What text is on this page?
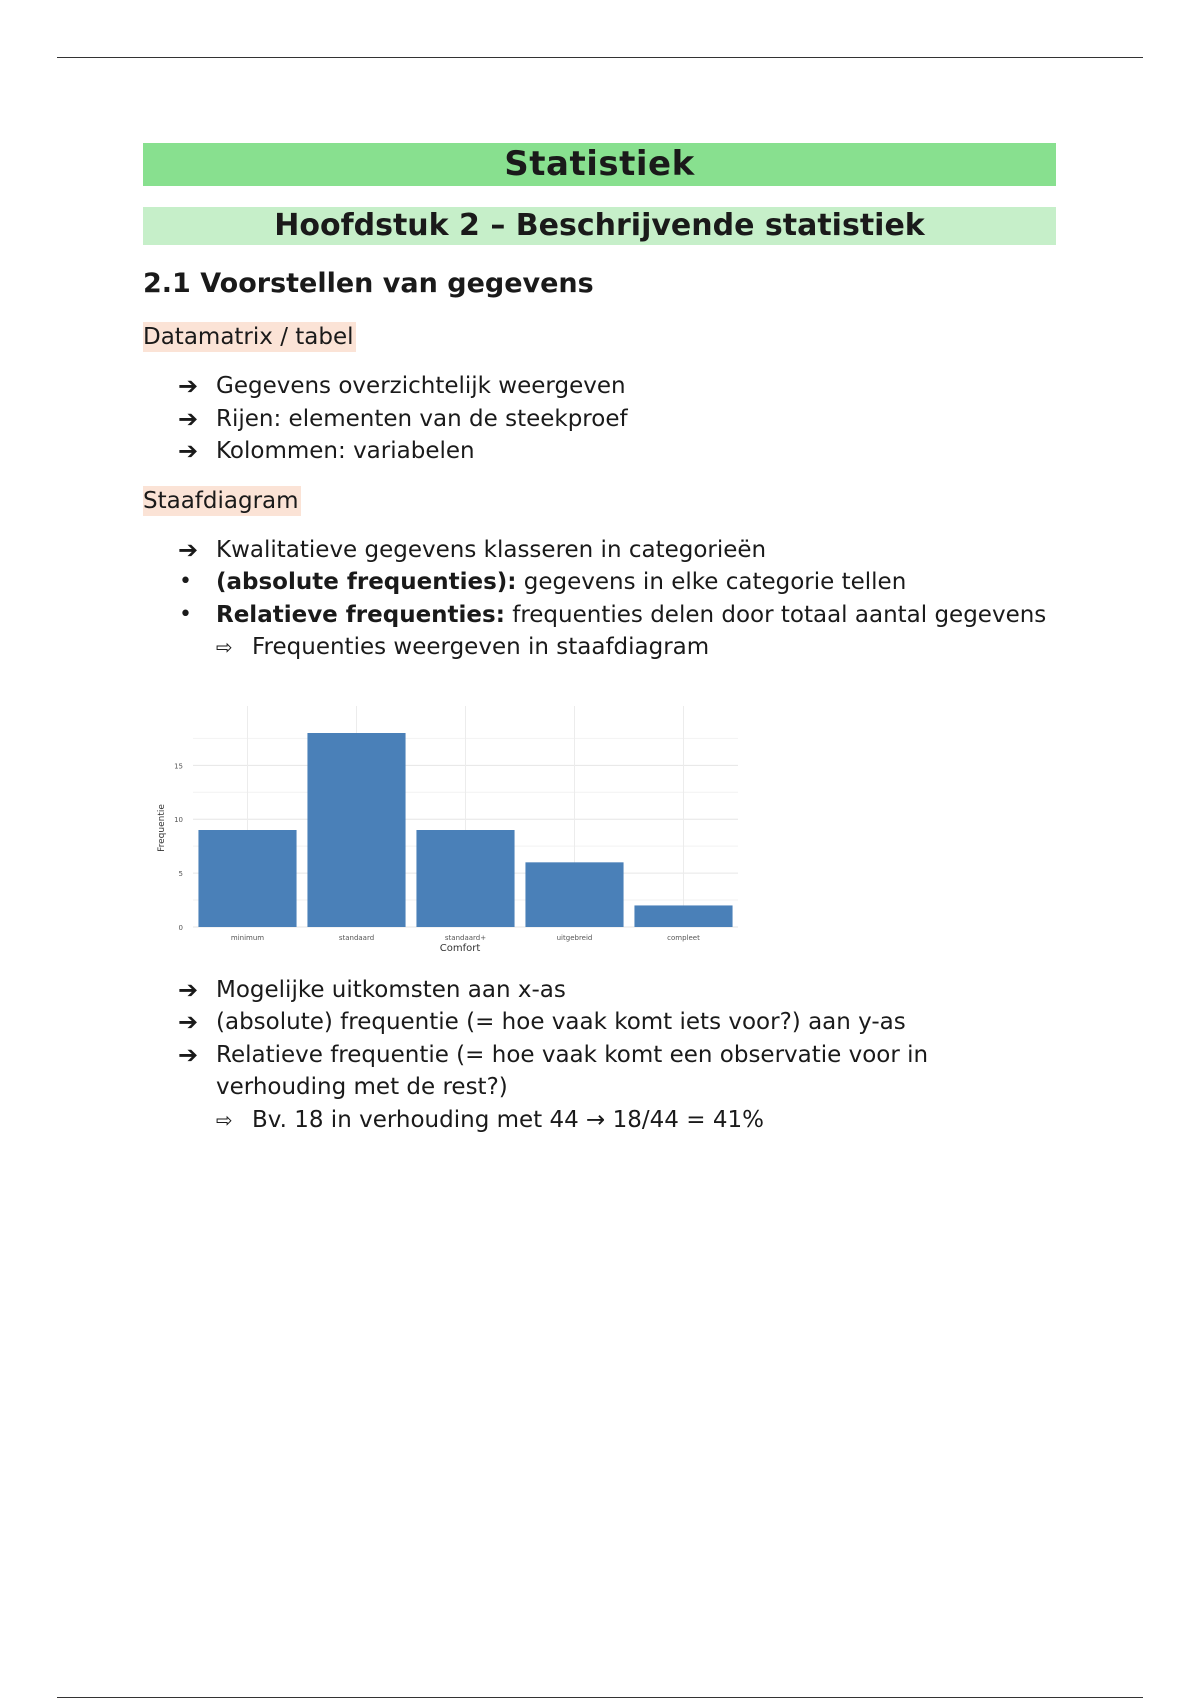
Statistiek
Hoofdstuk 2 – Beschrijvende statistiek
2.1 Voorstellen van gegevens
Datamatrix / tabel
➔ Gegevens overzichtelijk weergeven
➔ Rijen: elementen van de steekproef
➔ Kolommen: variabelen
Staafdiagram
➔ Kwalitatieve gegevens klasseren in categorieën
•	(absolute frequenties): gegevens in elke categorie tellen
•	Relatieve frequenties: frequenties delen door totaal aantal gegevens
⇨ Frequenties weergeven in staafdiagram
0
5
10
15
minimum	standaard	standaard+	uitgebreid	compleet
Comfort
Frequentie
➔ Mogelijke uitkomsten aan x-as
➔ (absolute) frequentie (= hoe vaak komt iets voor?) aan y-as
➔ Relatieve frequentie (= hoe vaak komt een observatie voor in verhouding met de rest?)
⇨ Bv. 18 in verhouding met 44 → 18/44 = 41%
